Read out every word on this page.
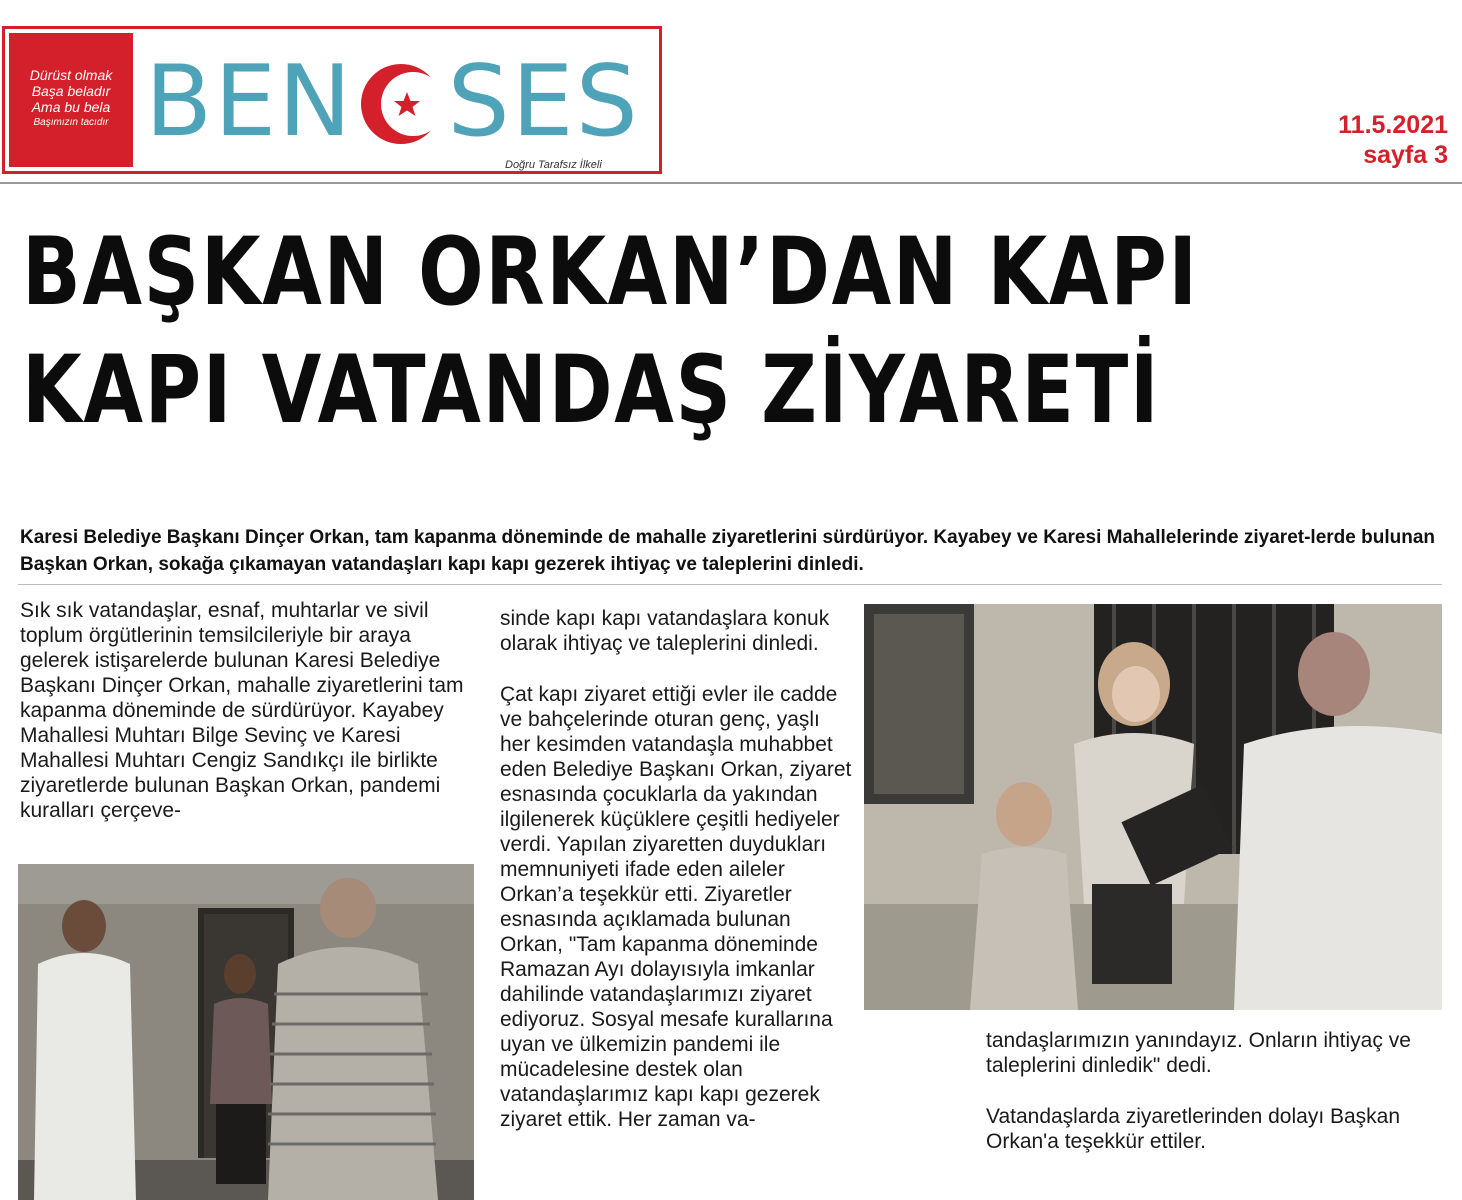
Dürüst olmak
Başa beladır
Ama bu bela
Başımızın tacıdır BEN SES
Doğru Tarafsız İlkeli
11.5.2021
sayfa 3
BAŞKAN ORKAN’DAN KAPI
KAPI VATANDAŞ ZİYARETİ
Karesi Belediye Başkanı Dinçer Orkan, tam kapanma döneminde de mahalle ziyaretlerini sürdürüyor. Kayabey ve Karesi Mahallelerinde ziyaret-lerde bulunan Başkan Orkan, sokağa çıkamayan vatandaşları kapı kapı gezerek ihtiyaç ve taleplerini dinledi.

Sık sık vatandaşlar, esnaf, muhtarlar ve sivil toplum örgütlerinin temsilcileriyle bir araya gelerek istişarelerde bulunan Karesi Belediye Başkanı Dinçer Orkan, mahalle ziyaretlerini tam kapanma döneminde de sürdürüyor. Kayabey Mahallesi Muhtarı Bilge Sevinç ve Karesi Mahallesi Muhtarı Cengiz Sandıkçı ile birlikte ziyaretlerde bulunan Başkan Orkan, pandemi kuralları çerçeve-

sinde kapı kapı vatandaşlara konuk olarak ihtiyaç ve taleplerini dinledi.

Çat kapı ziyaret ettiği evler ile cadde ve bahçelerinde oturan genç, yaşlı her kesimden vatandaşla muhabbet eden Belediye Başkanı Orkan, ziyaret esnasında çocuklarla da yakından ilgilenerek küçüklere çeşitli hediyeler verdi. Yapılan ziyaretten duydukları memnuniyeti ifade eden aileler Orkan’a teşekkür etti. Ziyaretler esnasında açıklamada bulunan Orkan, "Tam kapanma döneminde Ramazan Ayı dolayısıyla imkanlar dahilinde vatandaşlarımızı ziyaret ediyoruz. Sosyal mesafe kurallarına uyan ve ülkemizin pandemi ile mücadelesine destek olan vatandaşlarımız kapı kapı gezerek ziyaret ettik. Her zaman va-

tandaşlarımızın yanındayız. Onların ihtiyaç ve taleplerini dinledik" dedi.

Vatandaşlarda ziyaretlerinden dolayı Başkan Orkan'a teşekkür ettiler.
